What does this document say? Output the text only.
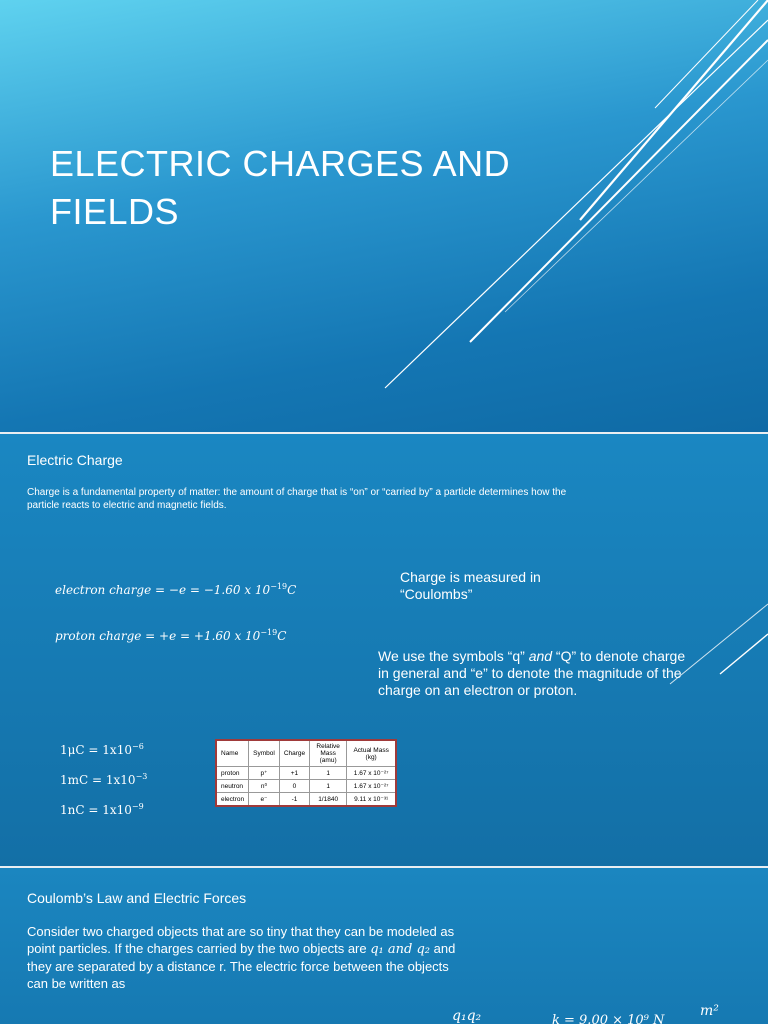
ELECTRIC CHARGES AND FIELDS

Electric Charge

Charge is a fundamental property of matter: the amount of charge that is “on” or “carried by” a particle determines how the particle reacts to electric and magnetic fields.
electron charge = −e = −1.60 x $10^{-19}C$
proton charge = +e = +1.60 x $10^{-19}C$
Charge is measured in “Coulombs”
We use the symbols “q” and “Q” to denote charge in general and “e” to denote the magnitude of the charge on an electron or proton.
$1\mu C = 1x10^{-6}$
$1mC = 1x10^{-3}$
$1nC = 1x10^{-9}$
Name	Symbol	Charge	Relative Mass (amu)	Actual Mass (kg)
proton	p⁺	+1	1	1.67 x 10⁻²⁷
neutron	n⁰	0	1	1.67 x 10⁻²⁷
electron	e⁻	-1	1/1840	9.11 x 10⁻³¹

Coulomb’s Law and Electric Forces

Consider two charged objects that are so tiny that they can be modeled as point particles. If the charges carried by the two objects are q₁ and q₂ and they are separated by a distance r. The electric force between the objects can be written as
q₁q₂	k = 9.00 × 10⁹ N
m²
